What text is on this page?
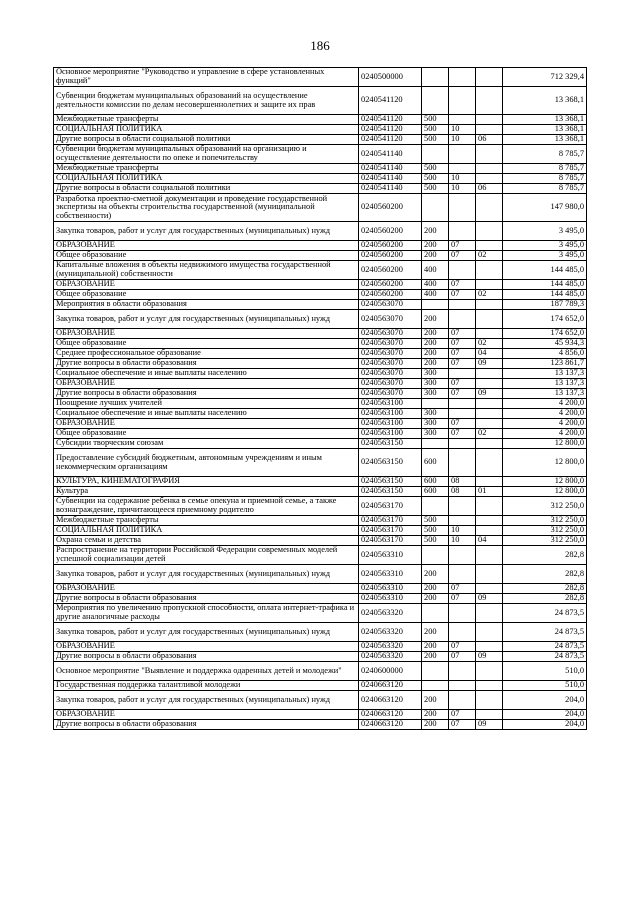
186
Основное мероприятие "Руководство и управление в сфере установленных функций"	0240500000				712 329,4
Субвенции бюджетам муниципальных образований на осуществление деятельности комиссии по делам несовершеннолетних и защите их прав	0240541120				13 368,1
Межбюджетные трансферты	0240541120	500			13 368,1
СОЦИАЛЬНАЯ ПОЛИТИКА	0240541120	500	10		13 368,1
Другие вопросы в области социальной политики	0240541120	500	10	06	13 368,1
Субвенции бюджетам муниципальных образований на организацию и осуществление деятельности по опеке и попечительству	0240541140				8 785,7
Межбюджетные трансферты	0240541140	500			8 785,7
СОЦИАЛЬНАЯ ПОЛИТИКА	0240541140	500	10		8 785,7
Другие вопросы в области социальной политики	0240541140	500	10	06	8 785,7
Разработка проектно-сметной документации и проведение государственной экспертизы на объекты строительства государственной (муниципальной собственности)	0240560200				147 980,0
Закупка товаров, работ и услуг для государственных (муниципальных) нужд	0240560200	200			3 495,0
ОБРАЗОВАНИЕ	0240560200	200	07		3 495,0
Общее образование	0240560200	200	07	02	3 495,0
Капитальные вложения в объекты недвижимого имущества государственной (муниципальной) собственности	0240560200	400			144 485,0
ОБРАЗОВАНИЕ	0240560200	400	07		144 485,0
Общее образование	0240560200	400	07	02	144 485,0
Мероприятия в области образования	0240563070				187 789,3
Закупка товаров, работ и услуг для государственных (муниципальных) нужд	0240563070	200			174 652,0
ОБРАЗОВАНИЕ	0240563070	200	07		174 652,0
Общее образование	0240563070	200	07	02	45 934,3
Среднее профессиональное образование	0240563070	200	07	04	4 856,0
Другие вопросы в области образования	0240563070	200	07	09	123 861,7
Социальное обеспечение и иные выплаты населению	0240563070	300			13 137,3
ОБРАЗОВАНИЕ	0240563070	300	07		13 137,3
Другие вопросы в области образования	0240563070	300	07	09	13 137,3
Поощрение лучших учителей	0240563100				4 200,0
Социальное обеспечение и иные выплаты населению	0240563100	300			4 200,0
ОБРАЗОВАНИЕ	0240563100	300	07		4 200,0
Общее образование	0240563100	300	07	02	4 200,0
Субсидии творческим союзам	0240563150				12 800,0
Предоставление субсидий бюджетным, автономным учреждениям и иным некоммерческим организациям	0240563150	600			12 800,0
КУЛЬТУРА, КИНЕМАТОГРАФИЯ	0240563150	600	08		12 800,0
Культура	0240563150	600	08	01	12 800,0
Субвенции на содержание ребенка в семье опекуна и приемной семье, а также вознаграждение, причитающееся приемному родителю	0240563170				312 250,0
Межбюджетные трансферты	0240563170	500			312 250,0
СОЦИАЛЬНАЯ ПОЛИТИКА	0240563170	500	10		312 250,0
Охрана семьи и детства	0240563170	500	10	04	312 250,0
Распространение на территории Российской Федерации современных моделей успешной социализации детей	0240563310				282,8
Закупка товаров, работ и услуг для государственных (муниципальных) нужд	0240563310	200			282,8
ОБРАЗОВАНИЕ	0240563310	200	07		282,8
Другие вопросы в области образования	0240563310	200	07	09	282,8
Мероприятия по увеличению пропускной способности, оплата интернет-трафика и другие аналогичные расходы	0240563320				24 873,5
Закупка товаров, работ и услуг для государственных (муниципальных) нужд	0240563320	200			24 873,5
ОБРАЗОВАНИЕ	0240563320	200	07		24 873,5
Другие вопросы в области образования	0240563320	200	07	09	24 873,5
Основное мероприятие "Выявление и поддержка одаренных детей и молодежи"	0240600000				510,0
Государственная поддержка талантливой молодежи	0240663120				510,0
Закупка товаров, работ и услуг для государственных (муниципальных) нужд	0240663120	200			204,0
ОБРАЗОВАНИЕ	0240663120	200	07		204,0
Другие вопросы в области образования	0240663120	200	07	09	204,0
